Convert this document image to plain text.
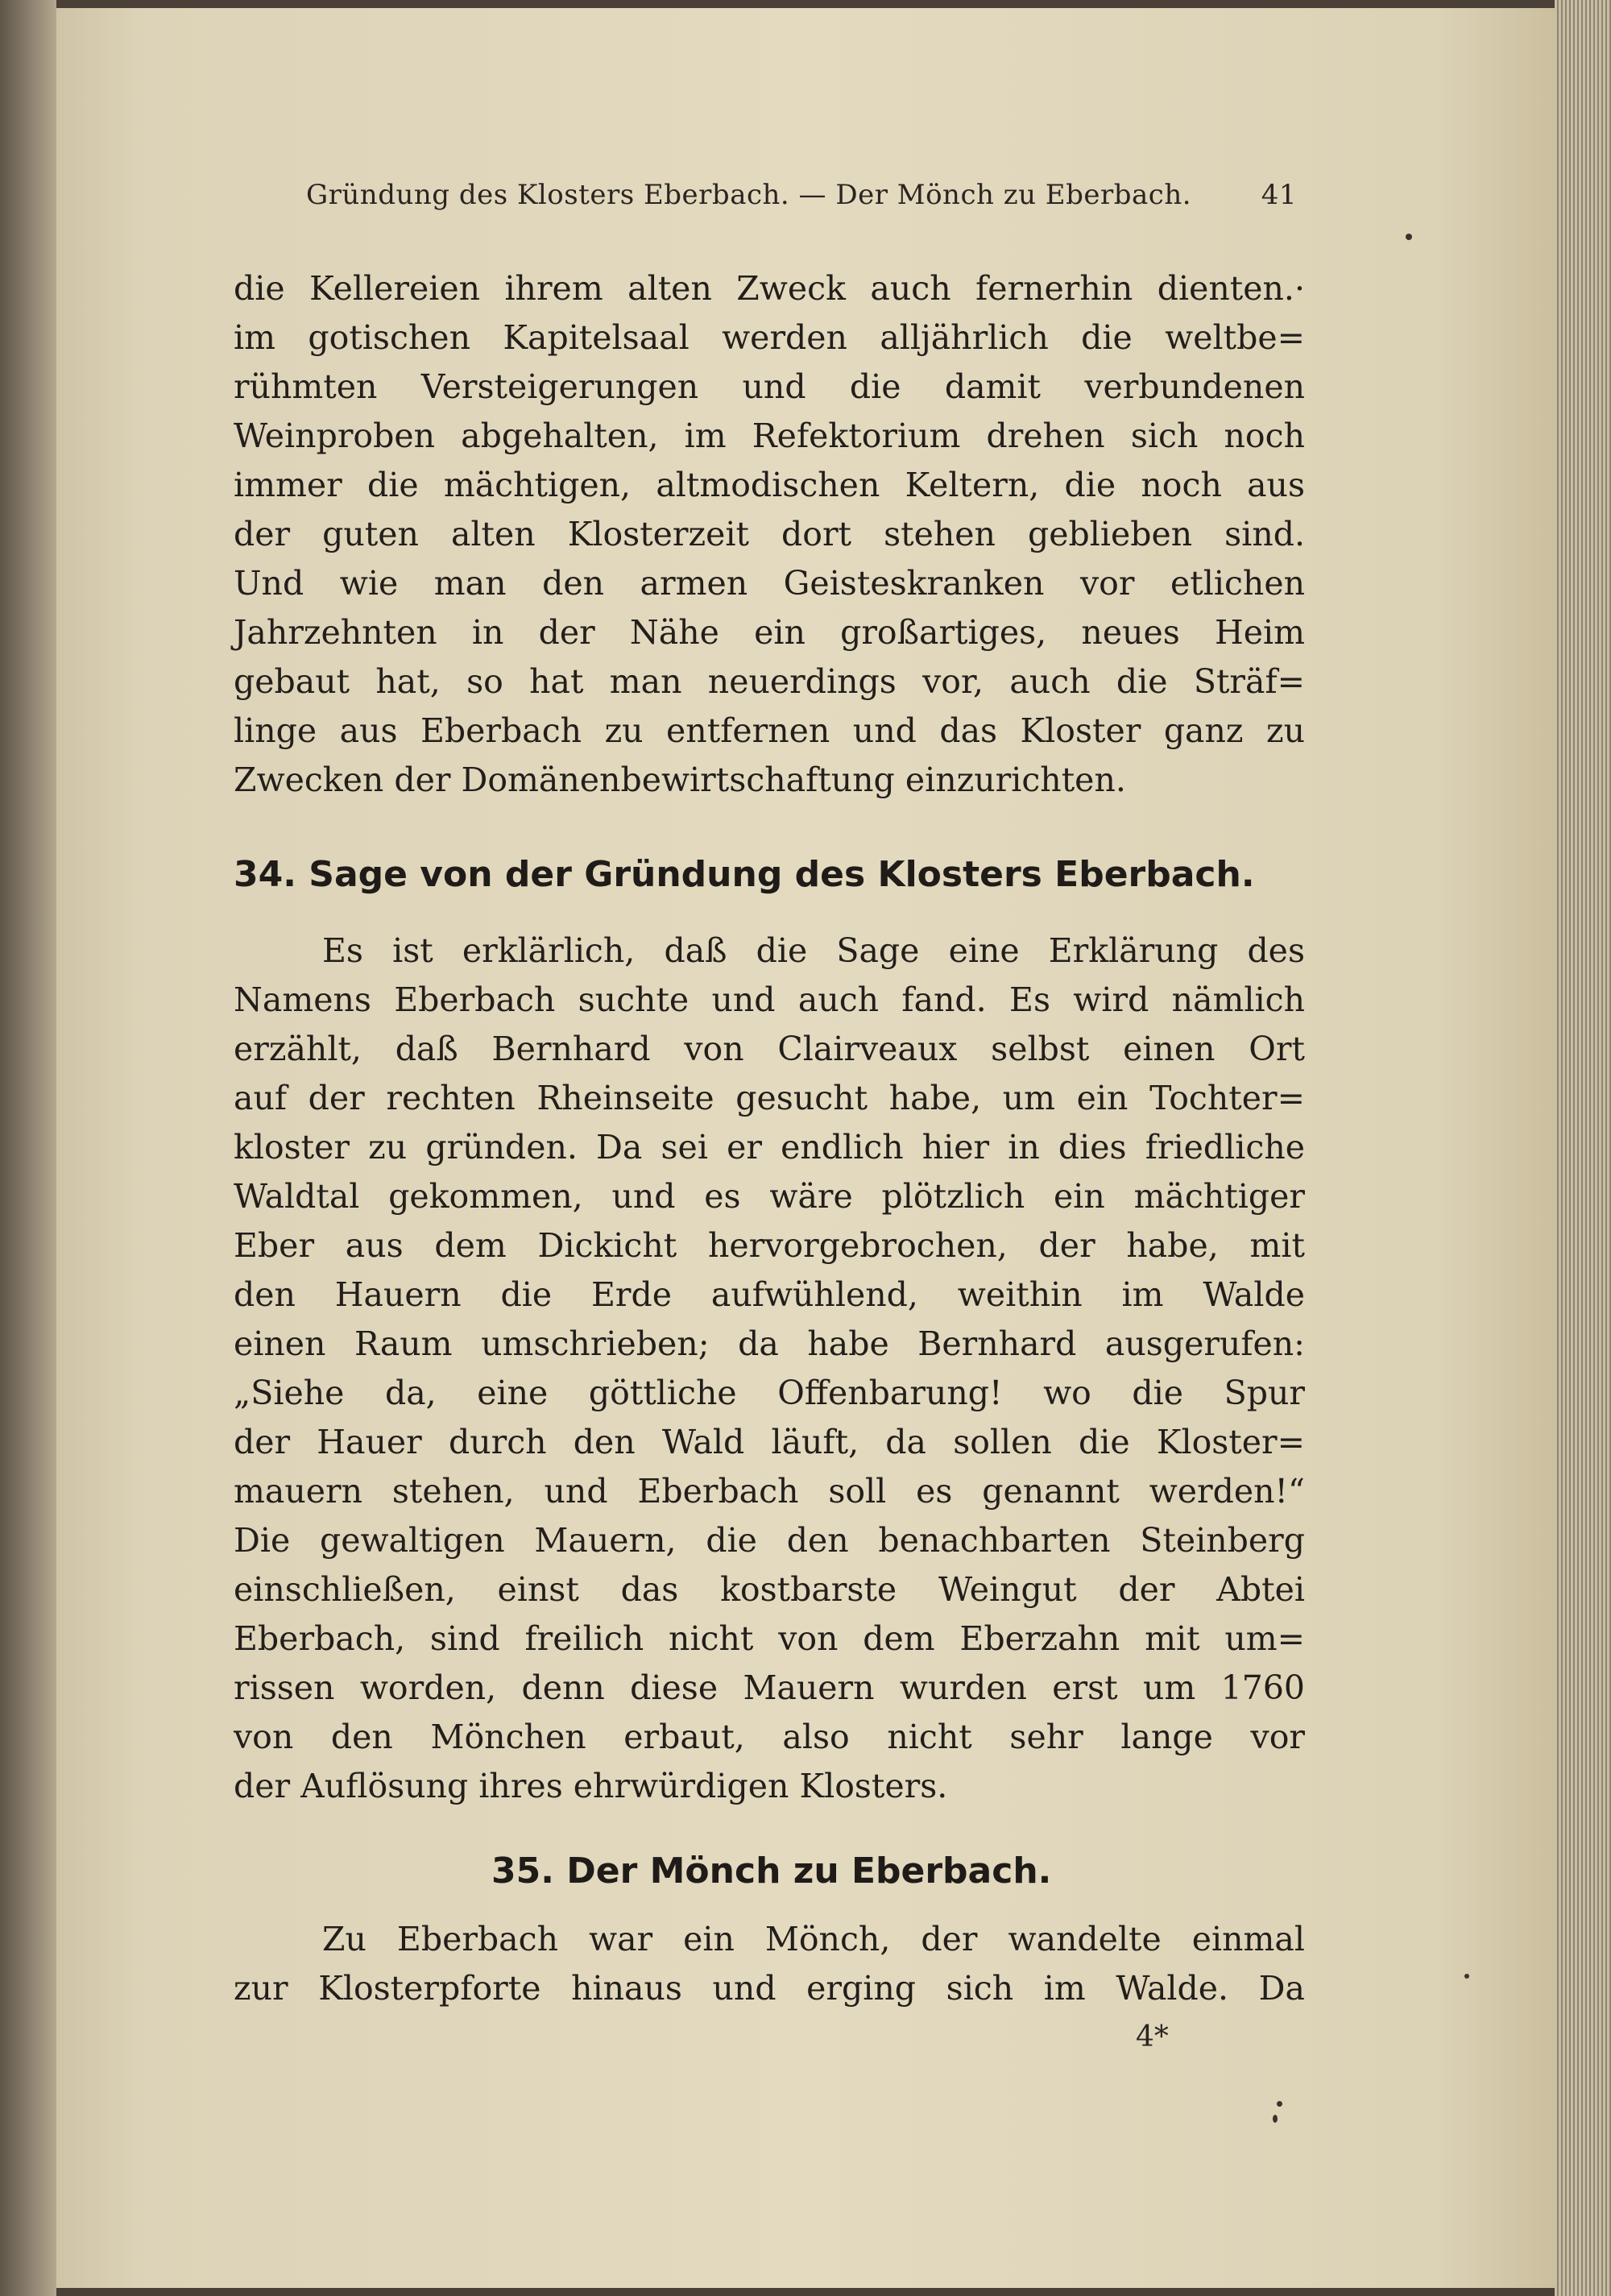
Gründung des Klosters Eberbach. — Der Mönch zu Eberbach.	41
die Kellereien ihrem alten Zweck auch fernerhin dienten.·
im gotischen Kapitelsaal werden alljährlich die weltbe=
rühmten Versteigerungen und die damit verbundenen
Weinproben abgehalten, im Refektorium drehen sich noch
immer die mächtigen, altmodischen Keltern, die noch aus
der guten alten Klosterzeit dort stehen geblieben sind.
Und wie man den armen Geisteskranken vor etlichen
Jahrzehnten in der Nähe ein großartiges, neues Heim
gebaut hat, so hat man neuerdings vor, auch die Sträf=
linge aus Eberbach zu entfernen und das Kloster ganz zu
Zwecken der Domänenbewirtschaftung einzurichten.
34. Sage von der Gründung des Klosters Eberbach.
Es ist erklärlich, daß die Sage eine Erklärung des
Namens Eberbach suchte und auch fand. Es wird nämlich
erzählt, daß Bernhard von Clairveaux selbst einen Ort
auf der rechten Rheinseite gesucht habe, um ein Tochter=
kloster zu gründen. Da sei er endlich hier in dies friedliche
Waldtal gekommen, und es wäre plötzlich ein mächtiger
Eber aus dem Dickicht hervorgebrochen, der habe, mit
den Hauern die Erde aufwühlend, weithin im Walde
einen Raum umschrieben; da habe Bernhard ausgerufen:
„Siehe da, eine göttliche Offenbarung! wo die Spur
der Hauer durch den Wald läuft, da sollen die Kloster=
mauern stehen, und Eberbach soll es genannt werden!“
Die gewaltigen Mauern, die den benachbarten Steinberg
einschließen, einst das kostbarste Weingut der Abtei
Eberbach, sind freilich nicht von dem Eberzahn mit um=
rissen worden, denn diese Mauern wurden erst um 1760
von den Mönchen erbaut, also nicht sehr lange vor
der Auflösung ihres ehrwürdigen Klosters.
35. Der Mönch zu Eberbach.
Zu Eberbach war ein Mönch, der wandelte einmal
zur Klosterpforte hinaus und erging sich im Walde. Da
4*
